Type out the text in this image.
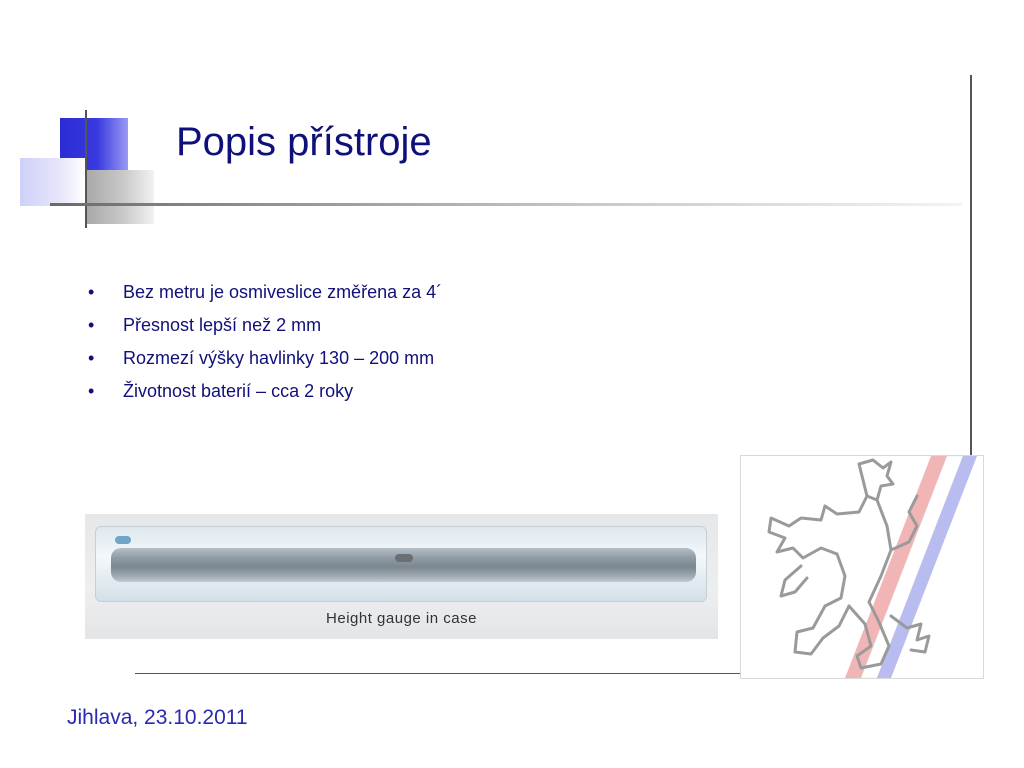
Popis přístroje
• Bez metru je osmiveslice změřena za 4´
• Přesnost lepší než 2 mm
• Rozmezí výšky havlinky 130 – 200 mm
• Životnost baterií – cca 2 roky
Height gauge in case
Jihlava, 23.10.2011
